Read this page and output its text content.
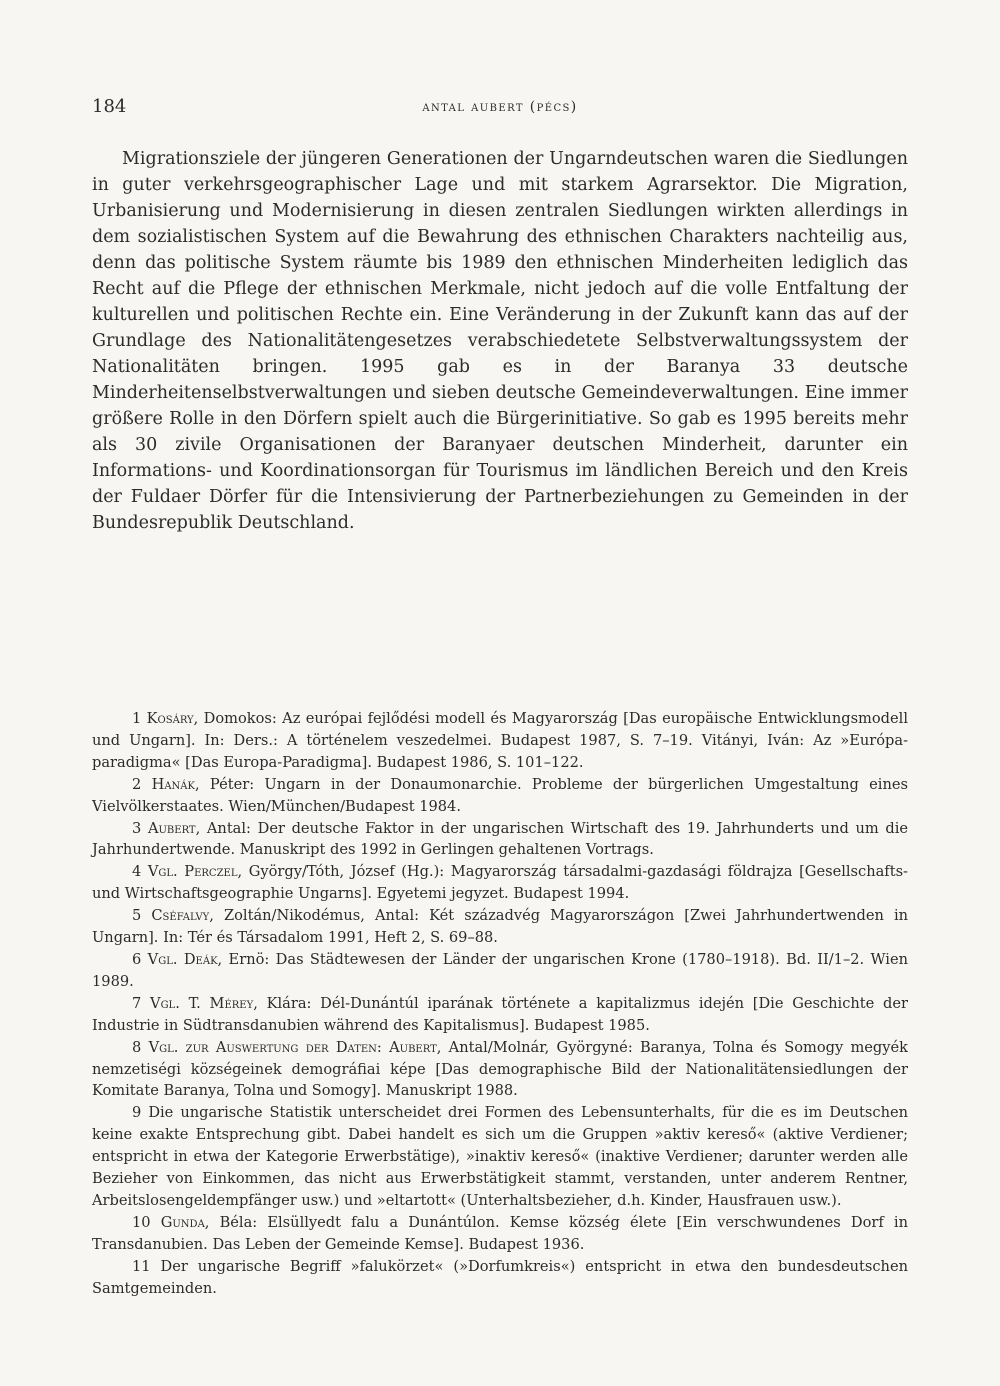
184	antal aubert (pécs)

Migrationsziele der jüngeren Generationen der Ungarndeutschen waren die Siedlungen in guter verkehrsgeographischer Lage und mit starkem Agrarsektor. Die Migration, Urbanisierung und Modernisierung in diesen zentralen Siedlungen wirkten allerdings in dem sozialistischen System auf die Bewahrung des ethnischen Charakters nachteilig aus, denn das politische System räumte bis 1989 den ethnischen Minderheiten lediglich das Recht auf die Pflege der ethnischen Merkmale, nicht jedoch auf die volle Entfaltung der kulturellen und politischen Rechte ein. Eine Veränderung in der Zukunft kann das auf der Grundlage des Nationalitätengesetzes verabschiedetete Selbstverwaltungssystem der Nationalitäten bringen. 1995 gab es in der Baranya 33 deutsche Minderheitenselbstverwaltungen und sieben deutsche Gemeindeverwaltungen. Eine immer größere Rolle in den Dörfern spielt auch die Bürgerinitiative. So gab es 1995 bereits mehr als 30 zivile Organisationen der Baranyaer deutschen Minderheit, darunter ein Informations- und Koordinationsorgan für Tourismus im ländlichen Bereich und den Kreis der Fuldaer Dörfer für die Intensivierung der Partnerbeziehungen zu Gemeinden in der Bundesrepublik Deutschland.

1 Kosáry, Domokos: Az európai fejlődési modell és Magyarország [Das europäische Entwicklungsmodell und Ungarn]. In: Ders.: A történelem veszedelmei. Budapest 1987, S. 7–19. Vitányi, Iván: Az »Európa-paradigma« [Das Europa-Paradigma]. Budapest 1986, S. 101–122.

2 Hanák, Péter: Ungarn in der Donaumonarchie. Probleme der bürgerlichen Umgestaltung eines Vielvölkerstaates. Wien/München/Budapest 1984.

3 Aubert, Antal: Der deutsche Faktor in der ungarischen Wirtschaft des 19. Jahrhunderts und um die Jahrhundertwende. Manuskript des 1992 in Gerlingen gehaltenen Vortrags.

4 Vgl. Perczel, György/Tóth, József (Hg.): Magyarország társadalmi-gazdasági földrajza [Gesellschafts- und Wirtschaftsgeographie Ungarns]. Egyetemi jegyzet. Budapest 1994.

5 Cséfalvy, Zoltán/Nikodémus, Antal: Két századvég Magyarországon [Zwei Jahrhundertwenden in Ungarn]. In: Tér és Társadalom 1991, Heft 2, S. 69–88.

6 Vgl. Deák, Ernö: Das Städtewesen der Länder der ungarischen Krone (1780–1918). Bd. II/1–2. Wien 1989.

7 Vgl. T. Mérey, Klára: Dél-Dunántúl iparának története a kapitalizmus idején [Die Geschichte der Industrie in Südtransdanubien während des Kapitalismus]. Budapest 1985.

8 Vgl. zur Auswertung der Daten: Aubert, Antal/Molnár, Györgyné: Baranya, Tolna és Somogy megyék nemzetiségi községeinek demográfiai képe [Das demographische Bild der Nationalitätensiedlungen der Komitate Baranya, Tolna und Somogy]. Manuskript 1988.

9 Die ungarische Statistik unterscheidet drei Formen des Lebensunterhalts, für die es im Deutschen keine exakte Entsprechung gibt. Dabei handelt es sich um die Gruppen »aktiv kereső« (aktive Verdiener; entspricht in etwa der Kategorie Erwerbstätige), »inaktiv kereső« (inaktive Verdiener; darunter werden alle Bezieher von Einkommen, das nicht aus Erwerbstätigkeit stammt, verstanden, unter anderem Rentner, Arbeitslosengeldempfänger usw.) und »eltartott« (Unterhaltsbezieher, d.h. Kinder, Hausfrauen usw.).

10 Gunda, Béla: Elsüllyedt falu a Dunántúlon. Kemse község élete [Ein verschwundenes Dorf in Transdanubien. Das Leben der Gemeinde Kemse]. Budapest 1936.

11 Der ungarische Begriff »falukörzet« (»Dorfumkreis«) entspricht in etwa den bundesdeutschen Samtgemeinden.
